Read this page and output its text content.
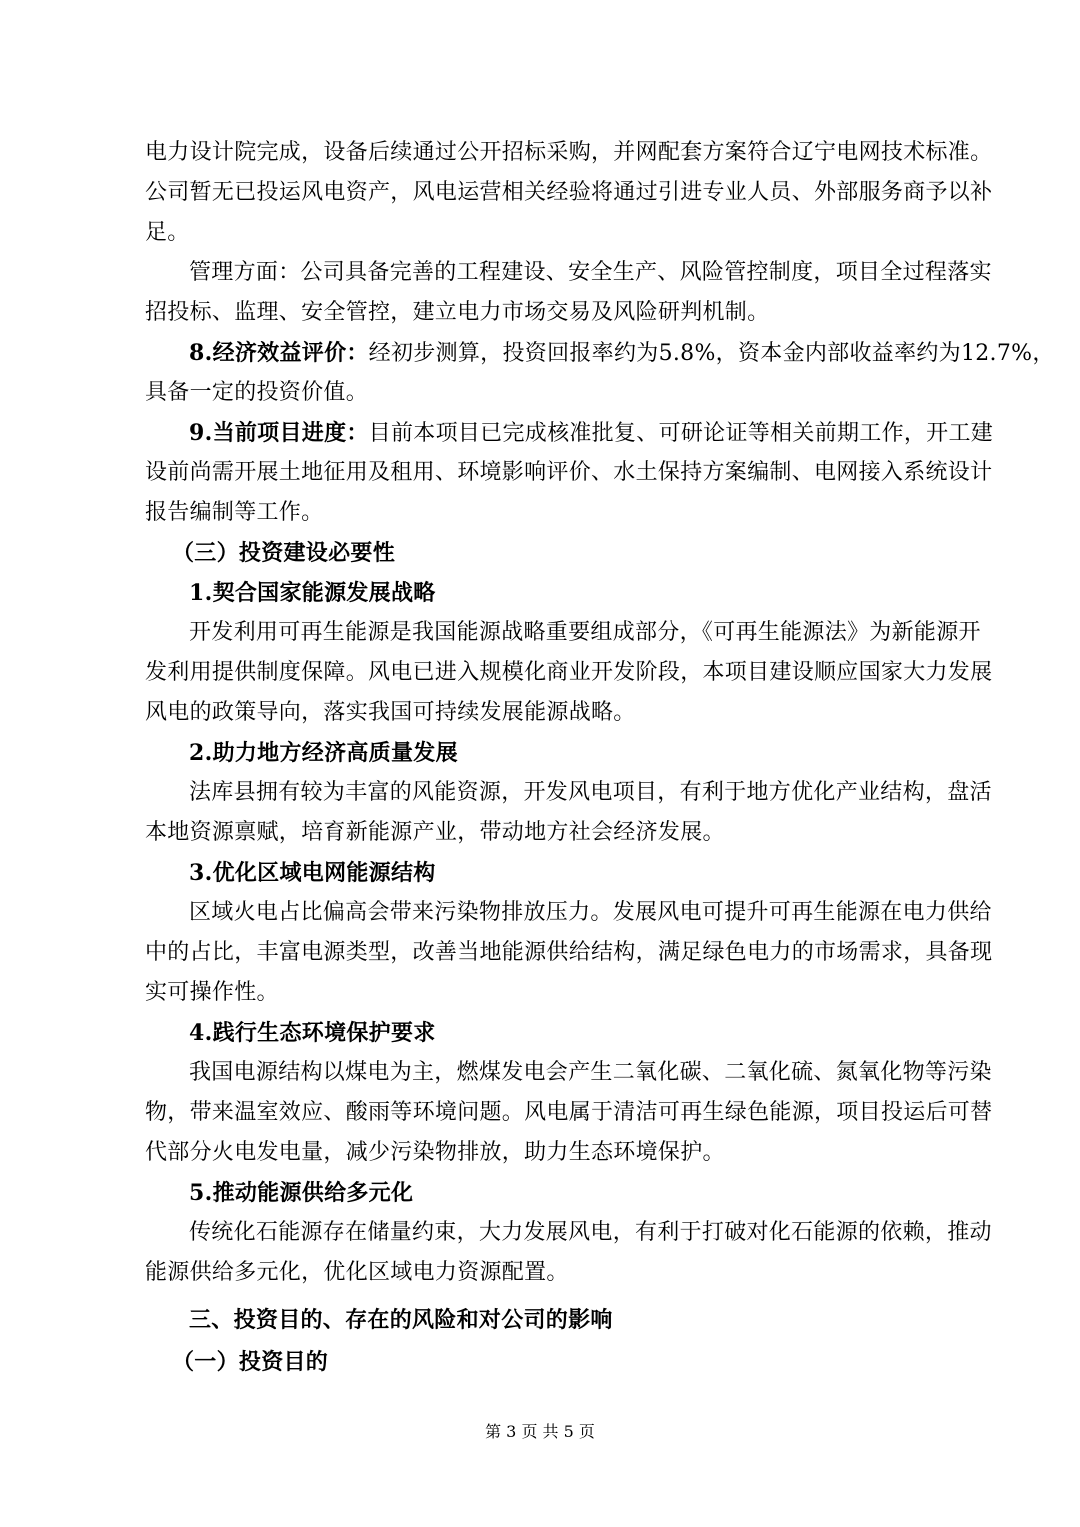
电力设计院完成，设备后续通过公开招标采购，并网配套方案符合辽宁电网技术标准。
公司暂无已投运风电资产，风电运营相关经验将通过引进专业人员、外部服务商予以补
足。
管理方面：公司具备完善的工程建设、安全生产、风险管控制度，项目全过程落实
招投标、监理、安全管控，建立电力市场交易及风险研判机制。
8.经济效益评价：经初步测算，投资回报率约为5.8%，资本金内部收益率约为12.7%，
具备一定的投资价值。
9.当前项目进度：目前本项目已完成核准批复、可研论证等相关前期工作，开工建
设前尚需开展土地征用及租用、环境影响评价、水土保持方案编制、电网接入系统设计
报告编制等工作。
（三）投资建设必要性
1.契合国家能源发展战略
开发利用可再生能源是我国能源战略重要组成部分，《可再生能源法》为新能源开
发利用提供制度保障。风电已进入规模化商业开发阶段，本项目建设顺应国家大力发展
风电的政策导向，落实我国可持续发展能源战略。
2.助力地方经济高质量发展
法库县拥有较为丰富的风能资源，开发风电项目，有利于地方优化产业结构，盘活
本地资源禀赋，培育新能源产业，带动地方社会经济发展。
3.优化区域电网能源结构
区域火电占比偏高会带来污染物排放压力。发展风电可提升可再生能源在电力供给
中的占比，丰富电源类型，改善当地能源供给结构，满足绿色电力的市场需求，具备现
实可操作性。
4.践行生态环境保护要求
我国电源结构以煤电为主，燃煤发电会产生二氧化碳、二氧化硫、氮氧化物等污染
物，带来温室效应、酸雨等环境问题。风电属于清洁可再生绿色能源，项目投运后可替
代部分火电发电量，减少污染物排放，助力生态环境保护。
5.推动能源供给多元化
传统化石能源存在储量约束，大力发展风电，有利于打破对化石能源的依赖，推动
能源供给多元化，优化区域电力资源配置。
三、投资目的、存在的风险和对公司的影响
（一）投资目的
第 3 页 共 5 页
